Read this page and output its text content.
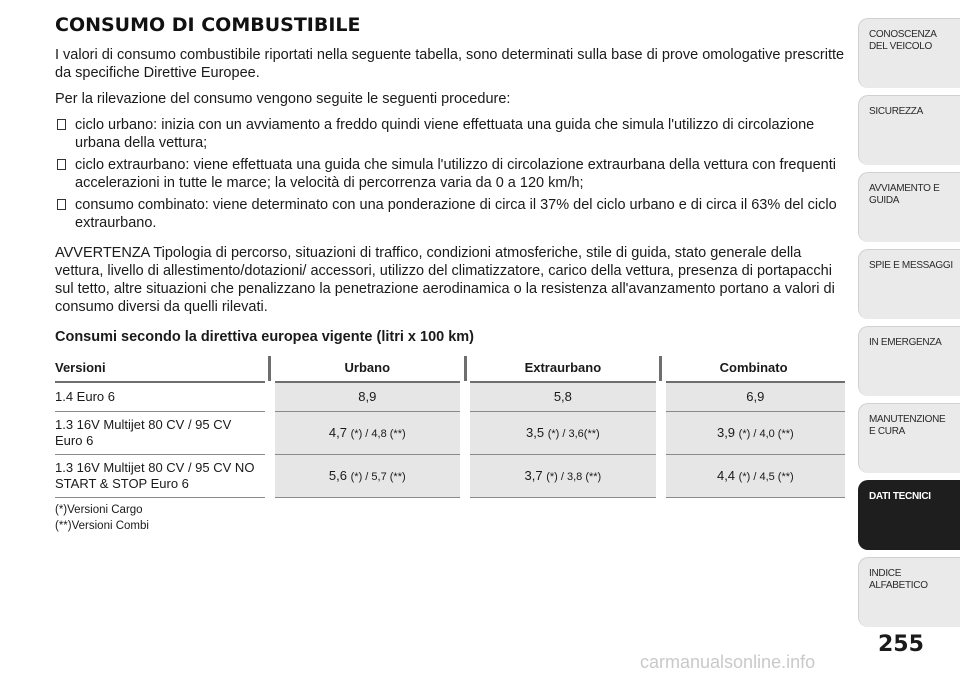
CONSUMO DI COMBUSTIBILE

I valori di consumo combustibile riportati nella seguente tabella, sono determinati sulla base di prove omologative prescritte da specifiche Direttive Europee.

Per la rilevazione del consumo vengono seguite le seguenti procedure:

ciclo urbano: inizia con un avviamento a freddo quindi viene effettuata una guida che simula l'utilizzo di circolazione urbana della vettura;
ciclo extraurbano: viene effettuata una guida che simula l'utilizzo di circolazione extraurbana della vettura con frequenti accelerazioni in tutte le marce; la velocità di percorrenza varia da 0 a 120 km/h;
consumo combinato: viene determinato con una ponderazione di circa il 37% del ciclo urbano e di circa il 63% del ciclo extraurbano.

AVVERTENZA Tipologia di percorso, situazioni di traffico, condizioni atmosferiche, stile di guida, stato generale della vettura, livello di allestimento/dotazioni/ accessori, utilizzo del climatizzatore, carico della vettura, presenza di portapacchi sul tetto, altre situazioni che penalizzano la penetrazione aerodinamica o la resistenza all'avanzamento portano a valori di consumo diversi da quelli rilevati.

Consumi secondo la direttiva europea vigente (litri x 100 km)

Versioni	Urbano	Extraurbano	Combinato
1.4 Euro 6	8,9	5,8	6,9
1.3 16V Multijet 80 CV / 95 CV Euro 6	4,7 (*) / 4,8 (**)	3,5 (*) / 3,6(**)	3,9 (*) / 4,0 (**)
1.3 16V Multijet 80 CV / 95 CV NO START & STOP Euro 6	5,6 (*) / 5,7 (**)	3,7 (*) / 3,8 (**)	4,4 (*) / 4,5 (**)
(*)Versioni Cargo
(**)Versioni Combi
CONOSCENZA DEL VEICOLO
SICUREZZA
AVVIAMENTO E GUIDA
SPIE E MESSAGGI
IN EMERGENZA
MANUTENZIONE E CURA
DATI TECNICI
INDICE ALFABETICO
255
carmanualsonline.info
